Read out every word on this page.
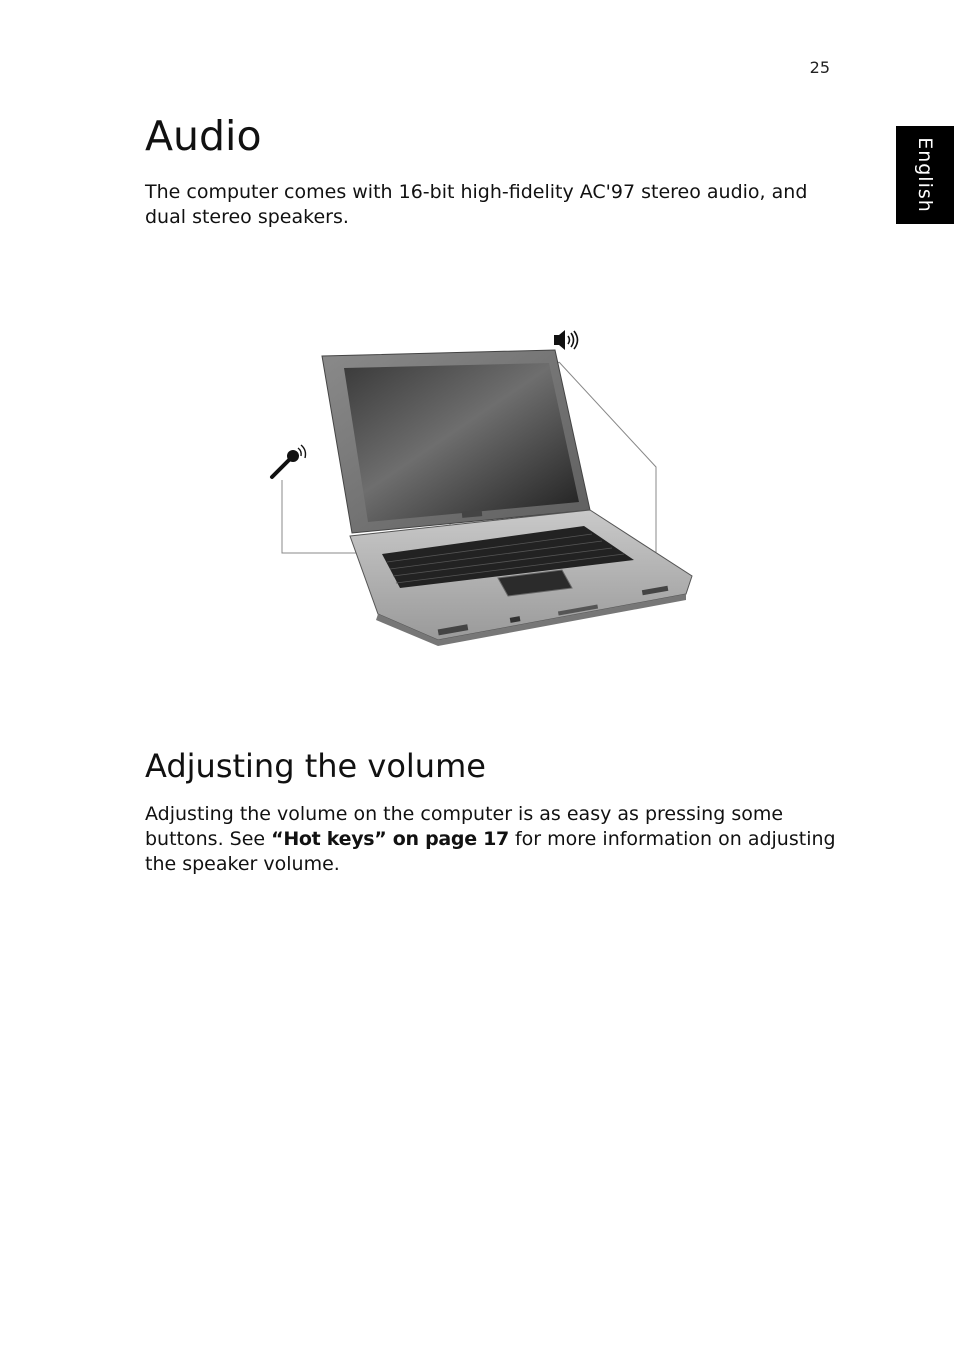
25
English
Audio

The computer comes with 16-bit high-fidelity AC'97 stereo audio, and dual stereo speakers.

Adjusting the volume

Adjusting the volume on the computer is as easy as pressing some buttons. See “Hot keys” on page 17 for more information on adjusting the speaker volume.
